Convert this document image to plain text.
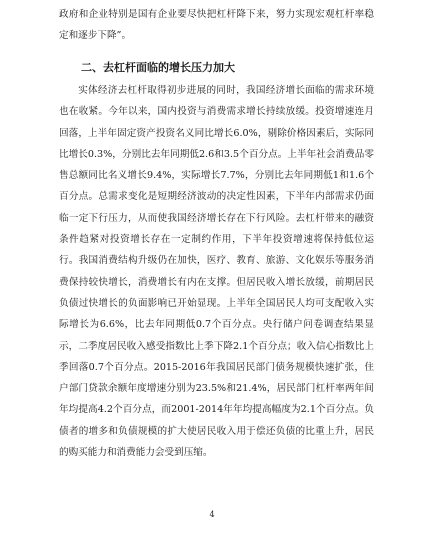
政府和企业特别是国有企业要尽快把杠杆降下来，努力实现宏观杠杆率稳定和逐步下降”。

二、去杠杆面临的增长压力加大

实体经济去杠杆取得初步进展的同时，我国经济增长面临的需求环境也在收紧。今年以来，国内投资与消费需求增长持续放缓。投资增速连月回落，上半年固定资产投资名义同比增长6.0%，剔除价格因素后，实际同比增长0.3%，分别比去年同期低2.6和3.5个百分点。上半年社会消费品零售总额同比名义增长9.4%，实际增长7.7%，分别比去年同期低1和1.6个百分点。总需求变化是短期经济波动的决定性因素，下半年内部需求仍面临一定下行压力，从而使我国经济增长存在下行风险。去杠杆带来的融资条件趋紧对投资增长存在一定制约作用，下半年投资增速将保持低位运行。我国消费结构升级仍在加快，医疗、教育、旅游、文化娱乐等服务消费保持较快增长，消费增长有内在支撑。但居民收入增长放缓，前期居民负债过快增长的负面影响已开始显现。上半年全国居民人均可支配收入实际增长为6.6%，比去年同期低0.7个百分点。央行储户问卷调查结果显示，二季度居民收入感受指数比上季下降2.1个百分点；收入信心指数比上季回落0.7个百分点。2015-2016年我国居民部门债务规模快速扩张，住户部门贷款余额年度增速分别为23.5%和21.4%，居民部门杠杆率两年间年均提高4.2个百分点，而2001-2014年年均提高幅度为2.1个百分点。负债者的增多和负债规模的扩大使居民收入用于偿还负债的比重上升，居民的购买能力和消费能力会受到压缩。

4
